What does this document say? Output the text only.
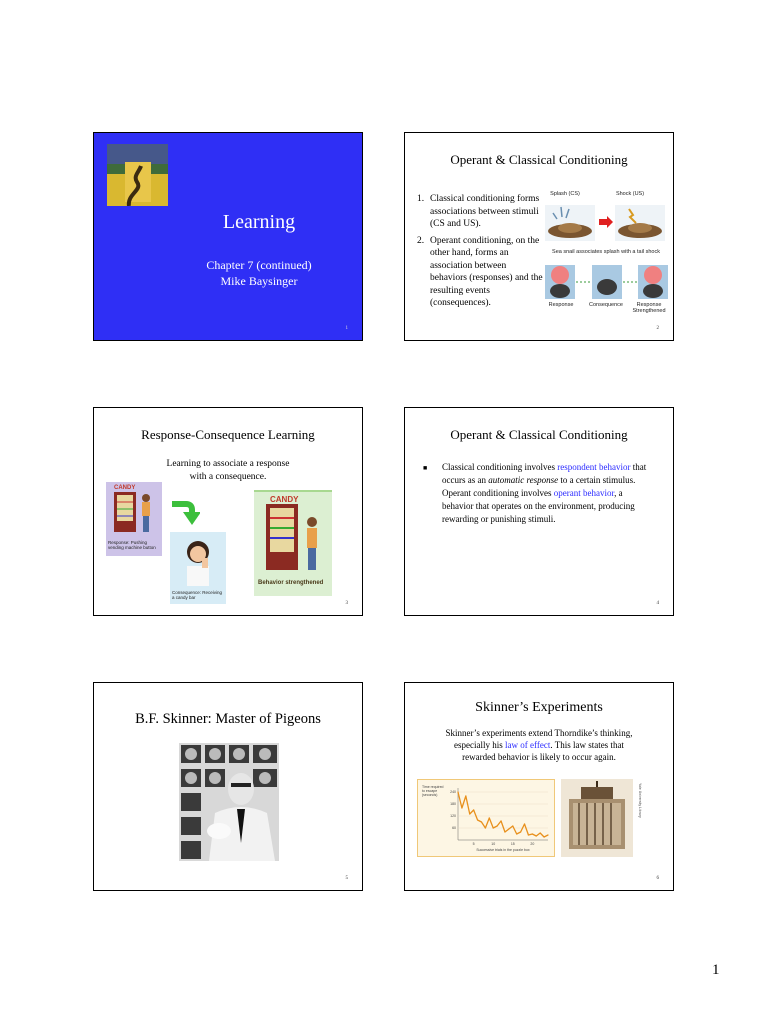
Learning
Chapter 7 (continued)
Mike Baysinger
1
Operant & Classical Conditioning
1. Classical conditioning forms associations between stimuli (CS and US).
2. Operant conditioning, on the other hand, forms an association between behaviors (responses) and the resulting events (consequences).
Splash (CS)	Shock (US)
Sea snail associates splash with a tail shock
Response	Consequence	Response
Strengthened
2
Response-Consequence Learning
Learning to associate a response
with a consequence.
CANDY
Response: Pushing
vending machine button
Consequence: Receiving
a candy bar
CANDY
Behavior strengthened
3
Operant & Classical Conditioning
■	Classical conditioning involves respondent behavior that occurs as an automatic response to a certain stimulus. Operant conditioning involves operant behavior, a behavior that operates on the environment, producing rewarding or punishing stimuli.
4
B.F. Skinner: Master of Pigeons
5
Skinner’s Experiments
Skinner’s experiments extend Thorndike’s thinking,
especially his law of effect. This law states that
rewarded behavior is likely to occur again.
60
120
180
240
5	10	15	20
Time required
to escape
(seconds)
Successive trials in the puzzle box
Yale University Library
6
1
